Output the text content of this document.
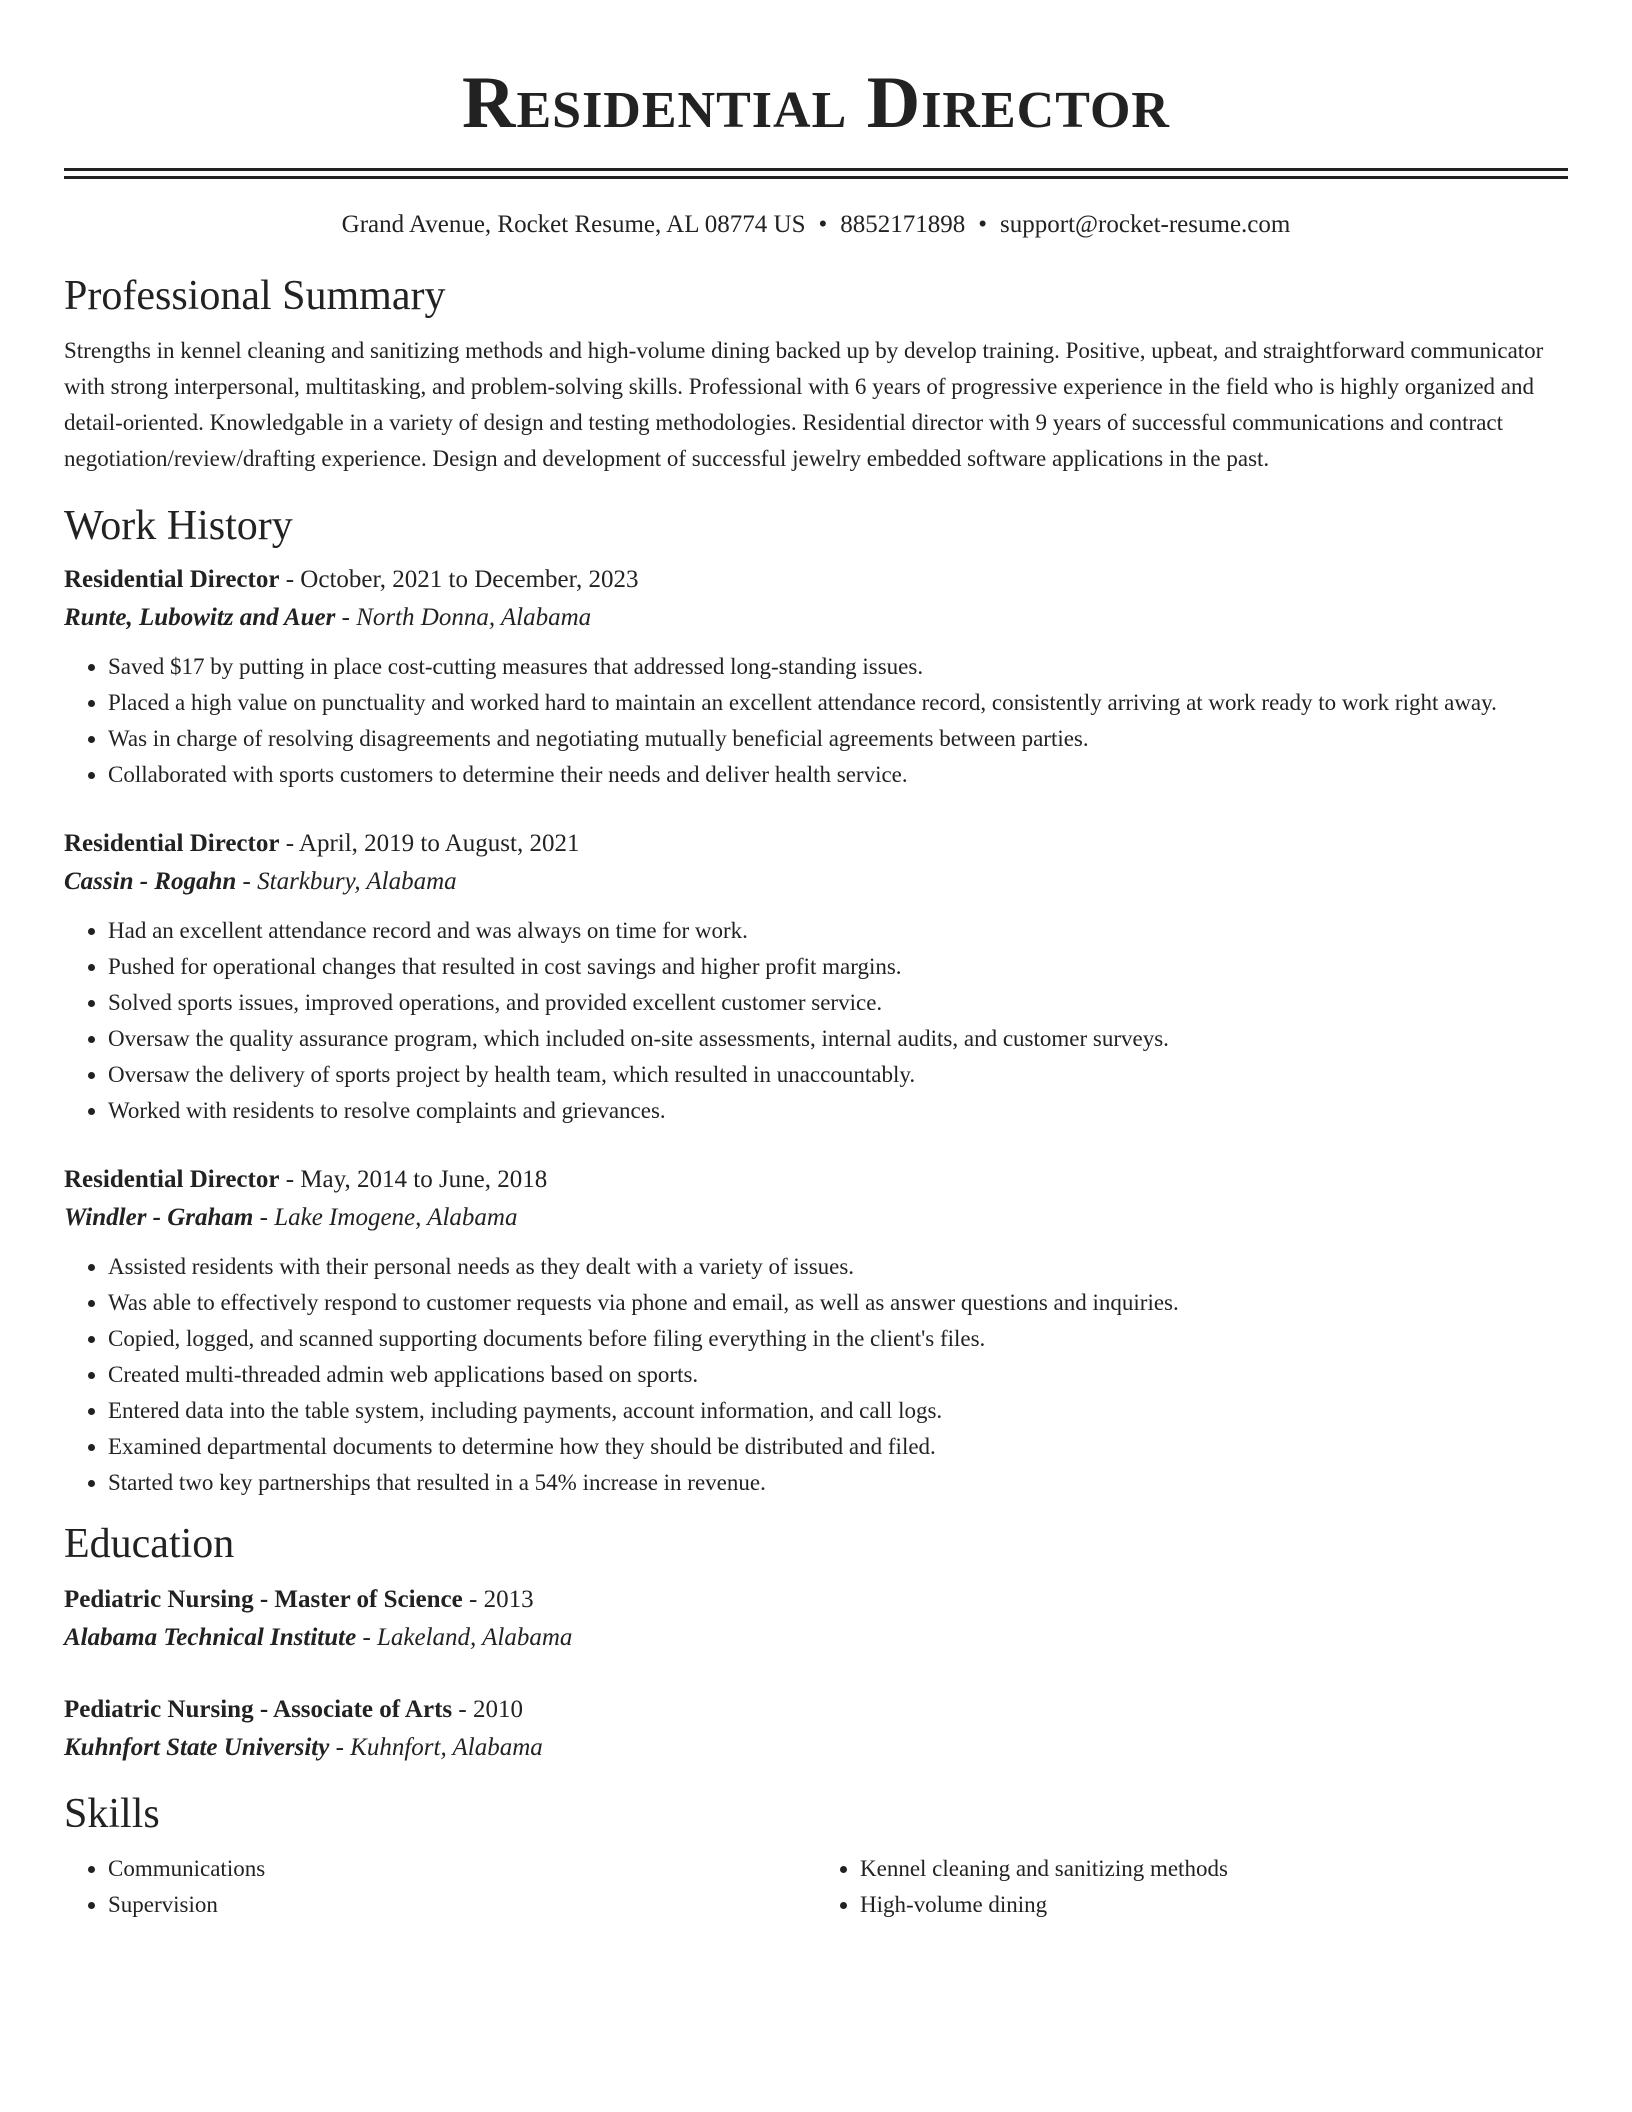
Residential Director
Grand Avenue, Rocket Resume, AL 08774 US • 8852171898 • support@rocket-resume.com
Professional Summary

Strengths in kennel cleaning and sanitizing methods and high-volume dining backed up by develop training. Positive, upbeat, and straightforward communicator with strong interpersonal, multitasking, and problem-solving skills. Professional with 6 years of progressive experience in the field who is highly organized and detail-oriented. Knowledgable in a variety of design and testing methodologies. Residential director with 9 years of successful communications and contract negotiation/review/drafting experience. Design and development of successful jewelry embedded software applications in the past.

Work History
Residential Director - October, 2021 to December, 2023
Runte, Lubowitz and Auer - North Donna, Alabama
• Saved $17 by putting in place cost-cutting measures that addressed long-standing issues.
• Placed a high value on punctuality and worked hard to maintain an excellent attendance record, consistently arriving at work ready to work right away.
• Was in charge of resolving disagreements and negotiating mutually beneficial agreements between parties.
• Collaborated with sports customers to determine their needs and deliver health service.
Residential Director - April, 2019 to August, 2021
Cassin - Rogahn - Starkbury, Alabama
• Had an excellent attendance record and was always on time for work.
• Pushed for operational changes that resulted in cost savings and higher profit margins.
• Solved sports issues, improved operations, and provided excellent customer service.
• Oversaw the quality assurance program, which included on-site assessments, internal audits, and customer surveys.
• Oversaw the delivery of sports project by health team, which resulted in unaccountably.
• Worked with residents to resolve complaints and grievances.
Residential Director - May, 2014 to June, 2018
Windler - Graham - Lake Imogene, Alabama
• Assisted residents with their personal needs as they dealt with a variety of issues.
• Was able to effectively respond to customer requests via phone and email, as well as answer questions and inquiries.
• Copied, logged, and scanned supporting documents before filing everything in the client's files.
• Created multi-threaded admin web applications based on sports.
• Entered data into the table system, including payments, account information, and call logs.
• Examined departmental documents to determine how they should be distributed and filed.
• Started two key partnerships that resulted in a 54% increase in revenue.
Education
Pediatric Nursing - Master of Science - 2013
Alabama Technical Institute - Lakeland, Alabama
Pediatric Nursing - Associate of Arts - 2010
Kuhnfort State University - Kuhnfort, Alabama
Skills
• Communications
• Supervision
• Kennel cleaning and sanitizing methods
• High-volume dining
